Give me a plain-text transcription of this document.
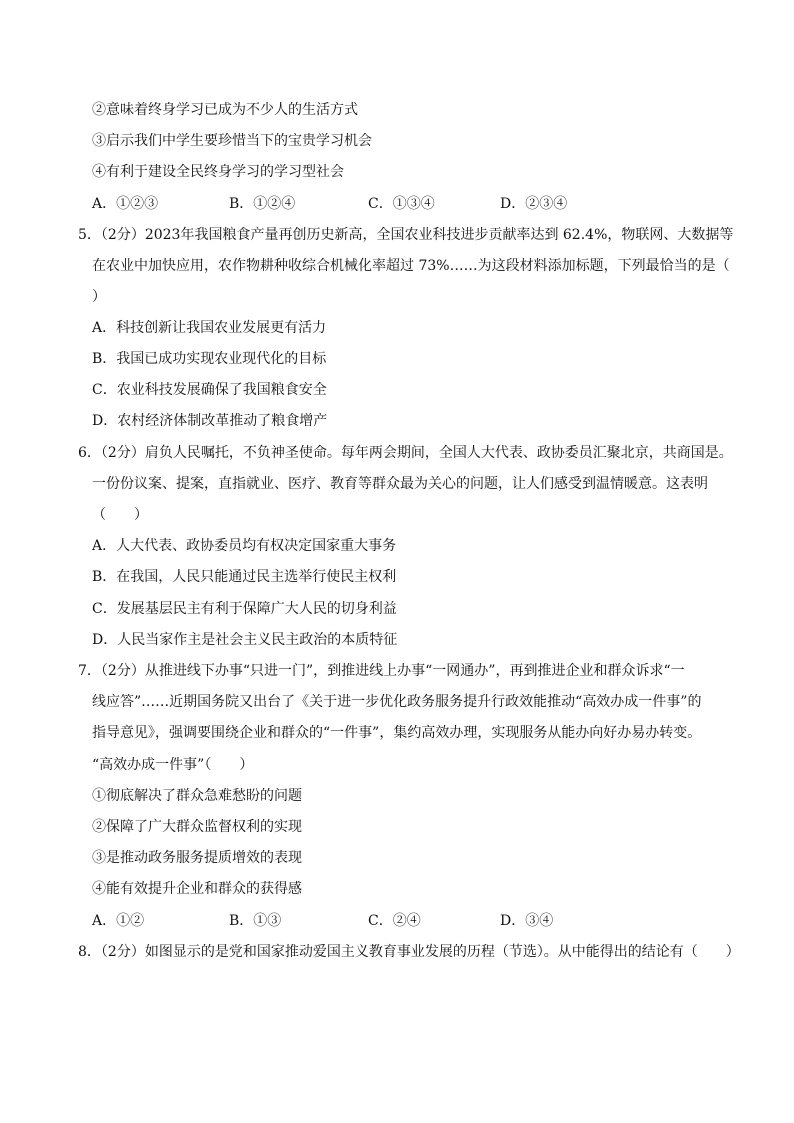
②意味着终身学习已成为不少人的生活方式
③启示我们中学生要珍惜当下的宝贵学习机会
④有利于建设全民终身学习的学习型社会
A．①②③	B．①②④	C．①③④	D．②③④
5．（2分）2023年我国粮食产量再创历史新高，全国农业科技进步贡献率达到 62.4%，物联网、大数据等
在农业中加快应用，农作物耕种收综合机械化率超过 73%……为这段材料添加标题，下列最恰当的是（
）
A．科技创新让我国农业发展更有活力
B．我国已成功实现农业现代化的目标
C．农业科技发展确保了我国粮食安全
D．农村经济体制改革推动了粮食增产
6．（2分）肩负人民嘱托，不负神圣使命。每年两会期间，全国人大代表、政协委员汇聚北京，共商国是。
一份份议案、提案，直指就业、医疗、教育等群众最为关心的问题，让人们感受到温情暖意。这表明
（　　）
A．人大代表、政协委员均有权决定国家重大事务
B．在我国，人民只能通过民主选举行使民主权利
C．发展基层民主有利于保障广大人民的切身利益
D．人民当家作主是社会主义民主政治的本质特征
7．（2分）从推进线下办事“只进一门”，到推进线上办事“一网通办”，再到推进企业和群众诉求“一
线应答”……近期国务院又出台了《关于进一步优化政务服务提升行政效能推动“高效办成一件事”的
指导意见》，强调要围绕企业和群众的“一件事”，集约高效办理，实现服务从能办向好办易办转变。
“高效办成一件事”（　　）
①彻底解决了群众急难愁盼的问题
②保障了广大群众监督权利的实现
③是推动政务服务提质增效的表现
④能有效提升企业和群众的获得感
A．①②	B．①③	C．②④	D．③④
8．（2分）如图显示的是党和国家推动爱国主义教育事业发展的历程（节选）。从中能得出的结论有（　　）
